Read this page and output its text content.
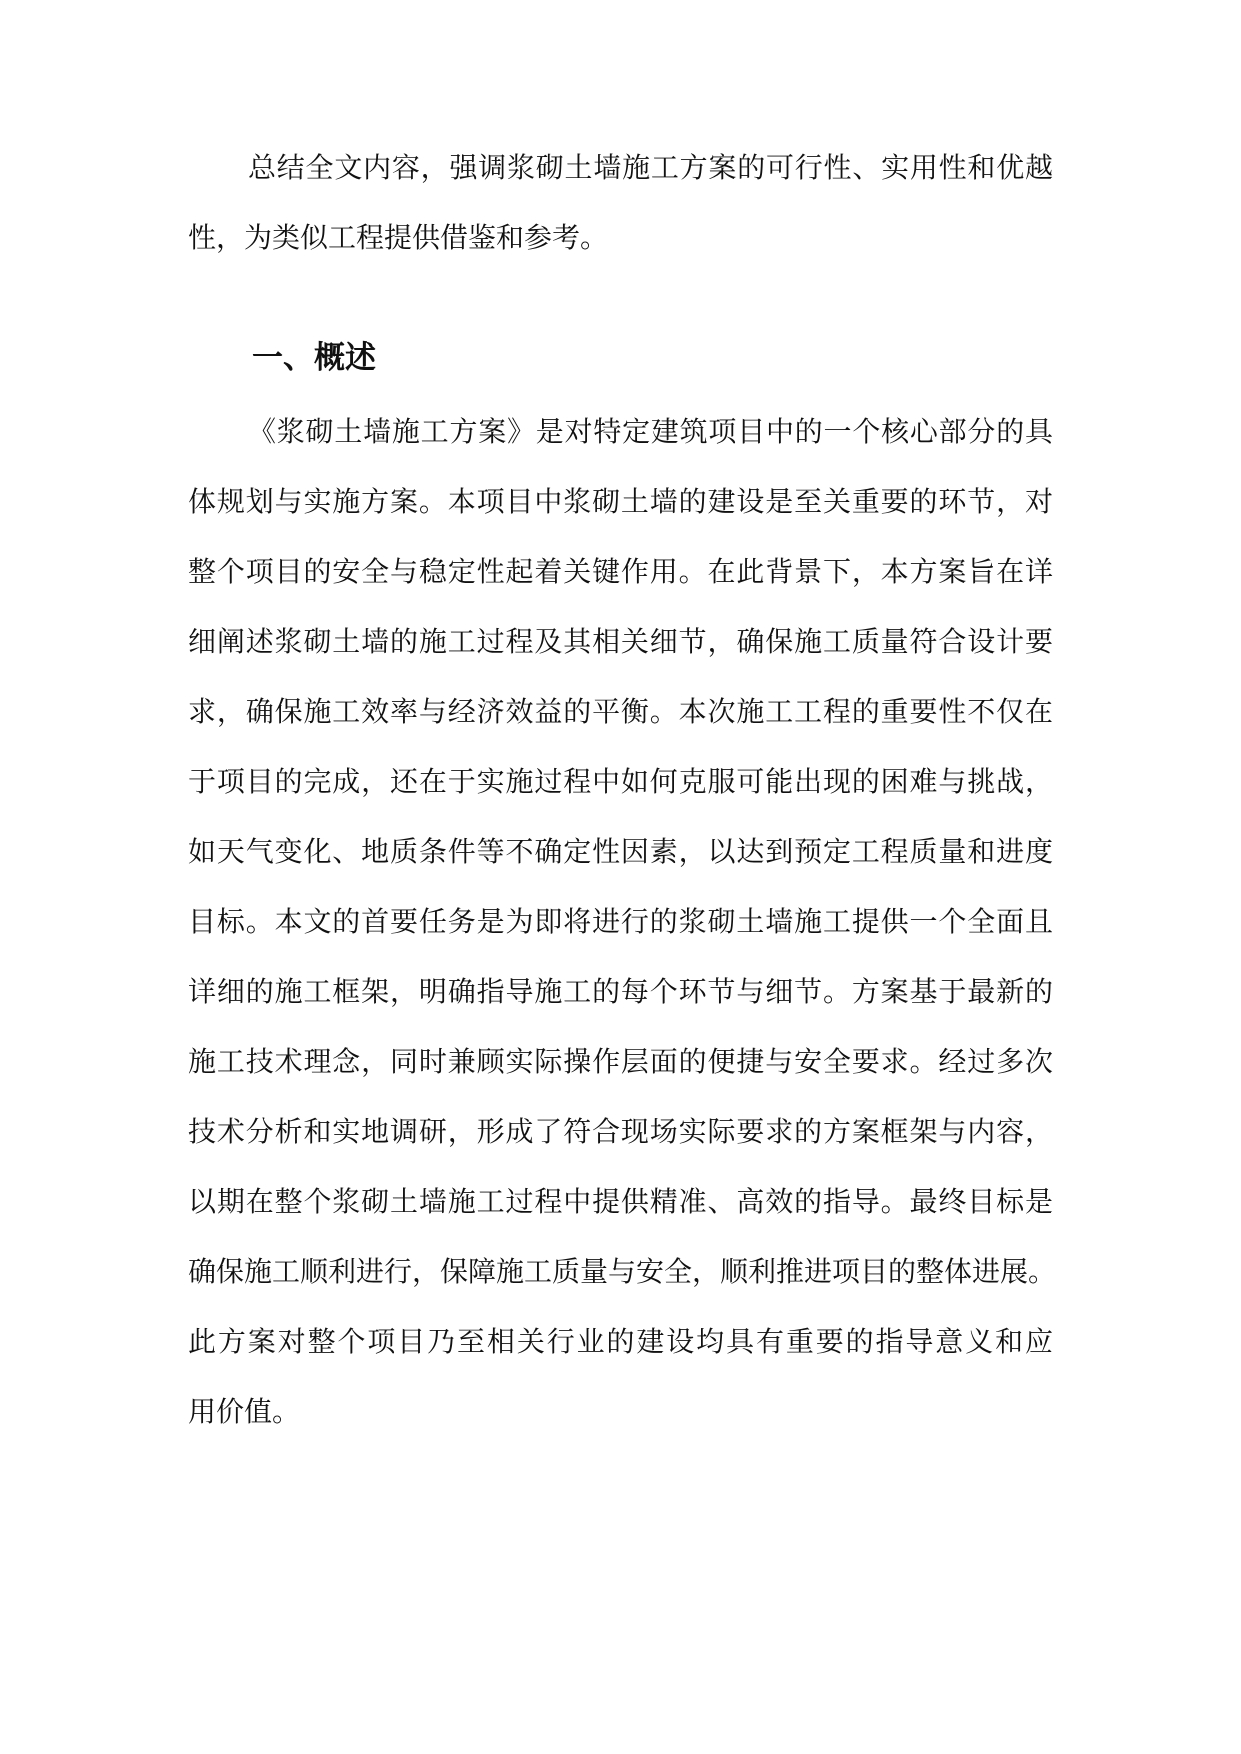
总结全文内容，强调浆砌土墙施工方案的可行性、实用性和优越
性，为类似工程提供借鉴和参考。
一、概述
《浆砌土墙施工方案》是对特定建筑项目中的一个核心部分的具
体规划与实施方案。本项目中浆砌土墙的建设是至关重要的环节，对
整个项目的安全与稳定性起着关键作用。在此背景下，本方案旨在详
细阐述浆砌土墙的施工过程及其相关细节，确保施工质量符合设计要
求，确保施工效率与经济效益的平衡。本次施工工程的重要性不仅在
于项目的完成，还在于实施过程中如何克服可能出现的困难与挑战，
如天气变化、地质条件等不确定性因素，以达到预定工程质量和进度
目标。本文的首要任务是为即将进行的浆砌土墙施工提供一个全面且
详细的施工框架，明确指导施工的每个环节与细节。方案基于最新的
施工技术理念，同时兼顾实际操作层面的便捷与安全要求。经过多次
技术分析和实地调研，形成了符合现场实际要求的方案框架与内容，
以期在整个浆砌土墙施工过程中提供精准、高效的指导。最终目标是
确保施工顺利进行，保障施工质量与安全，顺利推进项目的整体进展。
此方案对整个项目乃至相关行业的建设均具有重要的指导意义和应
用价值。
